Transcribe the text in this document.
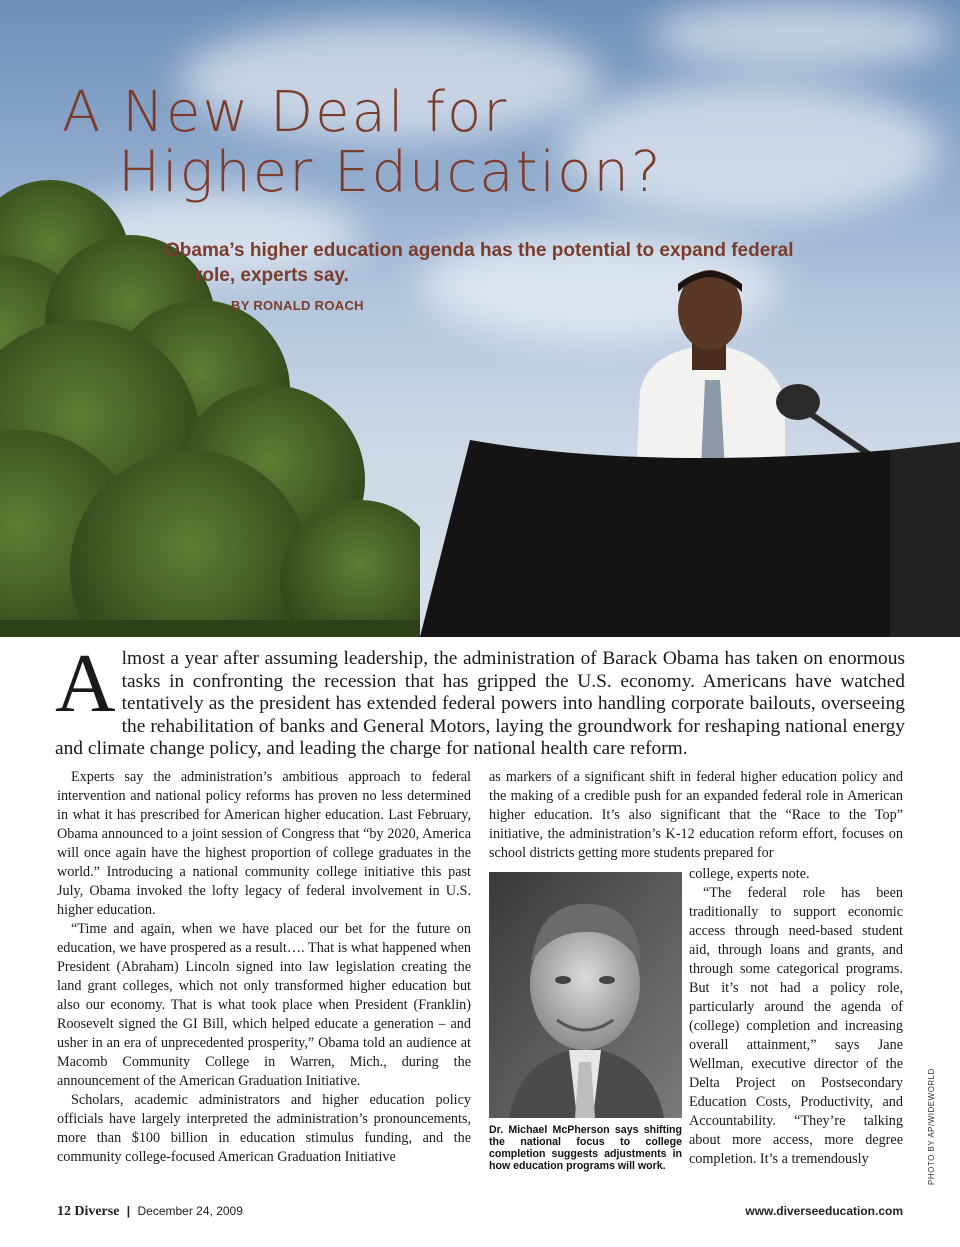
A New Deal for
Higher Education?

Obama’s higher education agenda has the potential to expand federal
role, experts say.

BY RONALD ROACH

Almost a year after assuming leadership, the administration of Barack Obama has taken on enormous tasks in confronting the recession that has gripped the U.S. economy. Americans have watched tentatively as the president has extended federal powers into handling corporate bailouts, overseeing the rehabilitation of banks and General Motors, laying the groundwork for reshaping national energy and climate change policy, and leading the charge for national health care reform.

Experts say the administration’s ambitious approach to federal intervention and national policy reforms has proven no less determined in what it has prescribed for American higher education. Last February, Obama announced to a joint session of Congress that “by 2020, America will once again have the highest proportion of college graduates in the world.” Introducing a national community college initiative this past July, Obama invoked the lofty legacy of federal involvement in U.S. higher education.

“Time and again, when we have placed our bet for the future on education, we have prospered as a result…. That is what happened when President (Abraham) Lincoln signed into law legislation creating the land grant colleges, which not only transformed higher education but also our economy. That is what took place when President (Franklin) Roosevelt signed the GI Bill, which helped educate a generation – and usher in an era of unprecedented prosperity,” Obama told an audience at Macomb Community College in Warren, Mich., during the announcement of the American Graduation Initiative.

Scholars, academic administrators and higher education policy officials have largely interpreted the administration’s pronouncements, more than $100 billion in education stimulus funding, and the community college-focused American Graduation Initiative

as markers of a significant shift in federal higher education policy and the making of a credible push for an expanded federal role in American higher education. It’s also significant that the “Race to the Top” initiative, the administration’s K-12 education reform effort, focuses on school districts getting more students prepared for

Dr. Michael McPherson says shifting the national focus to college completion suggests adjustments in how education programs will work.

college, experts note.

“The federal role has been traditionally to support economic access through need-based student aid, through loans and grants, and through some categorical programs. But it’s not had a policy role, particularly around the agenda of (college) completion and increasing overall attainment,” says Jane Wellman, executive director of the Delta Project on Postsecondary Education Costs, Productivity, and Accountability. “They’re talking about more access, more degree completion. It’s a tremendously	PHOTO BY AP/WIDEWORLD

12 Diverse | December 24, 2009	www.diverseeducation.com
